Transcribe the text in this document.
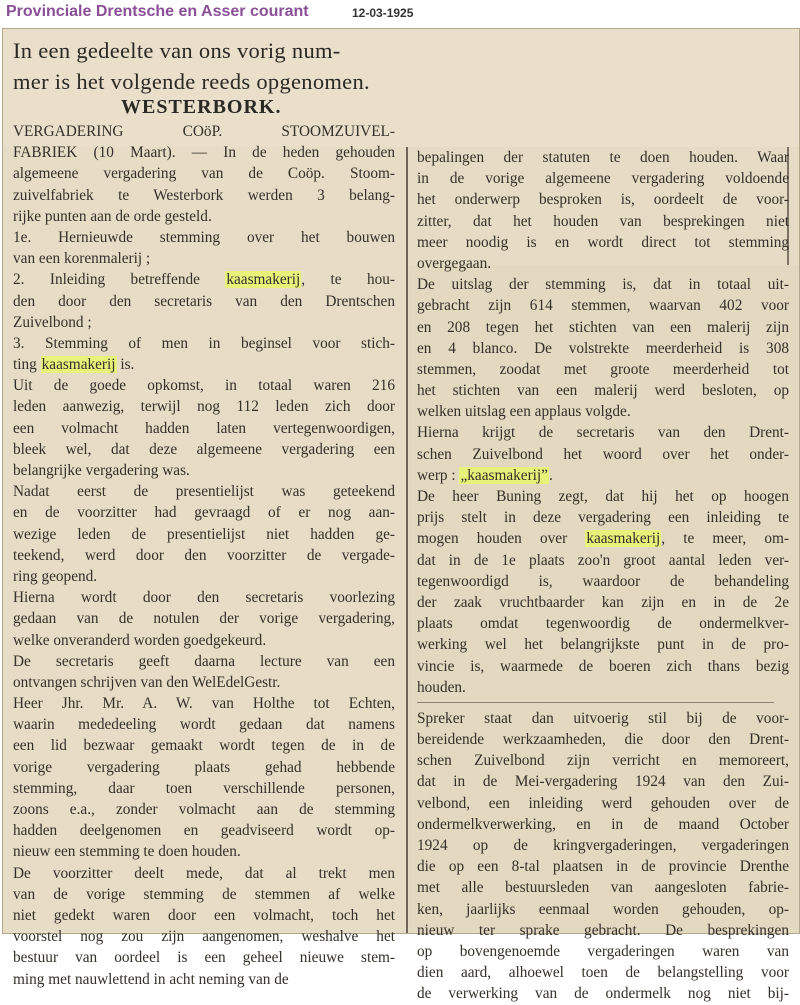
Provinciale Drentsche en Asser courant	12-03-1925
In een gedeelte van ons vorig num-
mer is het volgende reeds opgenomen.
WESTERBORK.
VERGADERING COöP. STOOMZUIVEL-
FABRIEK (10 Maart). — In de heden gehouden
algemeene vergadering van de Coöp. Stoom-
zuivelfabriek te Westerbork werden 3 belang-
rijke punten aan de orde gesteld.
1e. Hernieuwde stemming over het bouwen
van een korenmalerij ;
2. Inleiding betreffende kaasmakerij, te hou-
den door den secretaris van den Drentschen
Zuivelbond ;
3. Stemming of men in beginsel voor stich-
ting kaasmakerij is.
Uit de goede opkomst, in totaal waren 216
leden aanwezig, terwijl nog 112 leden zich door
een volmacht hadden laten vertegenwoordigen,
bleek wel, dat deze algemeene vergadering een
belangrijke vergadering was.
Nadat eerst de presentielijst was geteekend
en de voorzitter had gevraagd of er nog aan-
wezige leden de presentielijst niet hadden ge-
teekend, werd door den voorzitter de vergade-
ring geopend.
Hierna wordt door den secretaris voorlezing
gedaan van de notulen der vorige vergadering,
welke onveranderd worden goedgekeurd.
De secretaris geeft daarna lecture van een
ontvangen schrijven van den WelEdelGestr.
Heer Jhr. Mr. A. W. van Holthe tot Echten,
waarin mededeeling wordt gedaan dat namens
een lid bezwaar gemaakt wordt tegen de in de
vorige vergadering plaats gehad hebbende
stemming, daar toen verschillende personen,
zoons e.a., zonder volmacht aan de stemming
hadden deelgenomen en geadviseerd wordt op-
nieuw een stemming te doen houden.
De voorzitter deelt mede, dat al trekt men
van de vorige stemming de stemmen af welke
niet gedekt waren door een volmacht, toch het
voorstel nog zou zijn aangenomen, weshalve het
bestuur van oordeel is een geheel nieuwe stem-
ming met nauwlettend in acht neming van de
bepalingen der statuten te doen houden. Waar
in de vorige algemeene vergadering voldoende
het onderwerp besproken is, oordeelt de voor-
zitter, dat het houden van besprekingen niet
meer noodig is en wordt direct tot stemming
overgegaan.
De uitslag der stemming is, dat in totaal uit-
gebracht zijn 614 stemmen, waarvan 402 voor
en 208 tegen het stichten van een malerij zijn
en 4 blanco. De volstrekte meerderheid is 308
stemmen, zoodat met groote meerderheid tot
het stichten van een malerij werd besloten, op
welken uitslag een applaus volgde.
Hierna krijgt de secretaris van den Drent-
schen Zuivelbond het woord over het onder-
werp : „kaasmakerij”.
De heer Buning zegt, dat hij het op hoogen
prijs stelt in deze vergadering een inleiding te
mogen houden over kaasmakerij, te meer, om-
dat in de 1e plaats zoo'n groot aantal leden ver-
tegenwoordigd is, waardoor de behandeling
der zaak vruchtbaarder kan zijn en in de 2e
plaats omdat tegenwoordig de ondermelkver-
werking wel het belangrijkste punt in de pro-
vincie is, waarmede de boeren zich thans bezig
houden.
Spreker staat dan uitvoerig stil bij de voor-
bereidende werkzaamheden, die door den Drent-
schen Zuivelbond zijn verricht en memoreert,
dat in de Mei-vergadering 1924 van den Zui-
velbond, een inleiding werd gehouden over de
ondermelkverwerking, en in de maand October
1924 op de kringvergaderingen, vergaderingen
die op een 8-tal plaatsen in de provincie Drenthe
met alle bestuursleden van aangesloten fabrie-
ken, jaarlijks eenmaal worden gehouden, op-
nieuw ter sprake gebracht. De besprekingen
op bovengenoemde vergaderingen waren van
dien aard, alhoewel toen de belangstelling voor
de verwerking van de ondermelk nog niet bij-
